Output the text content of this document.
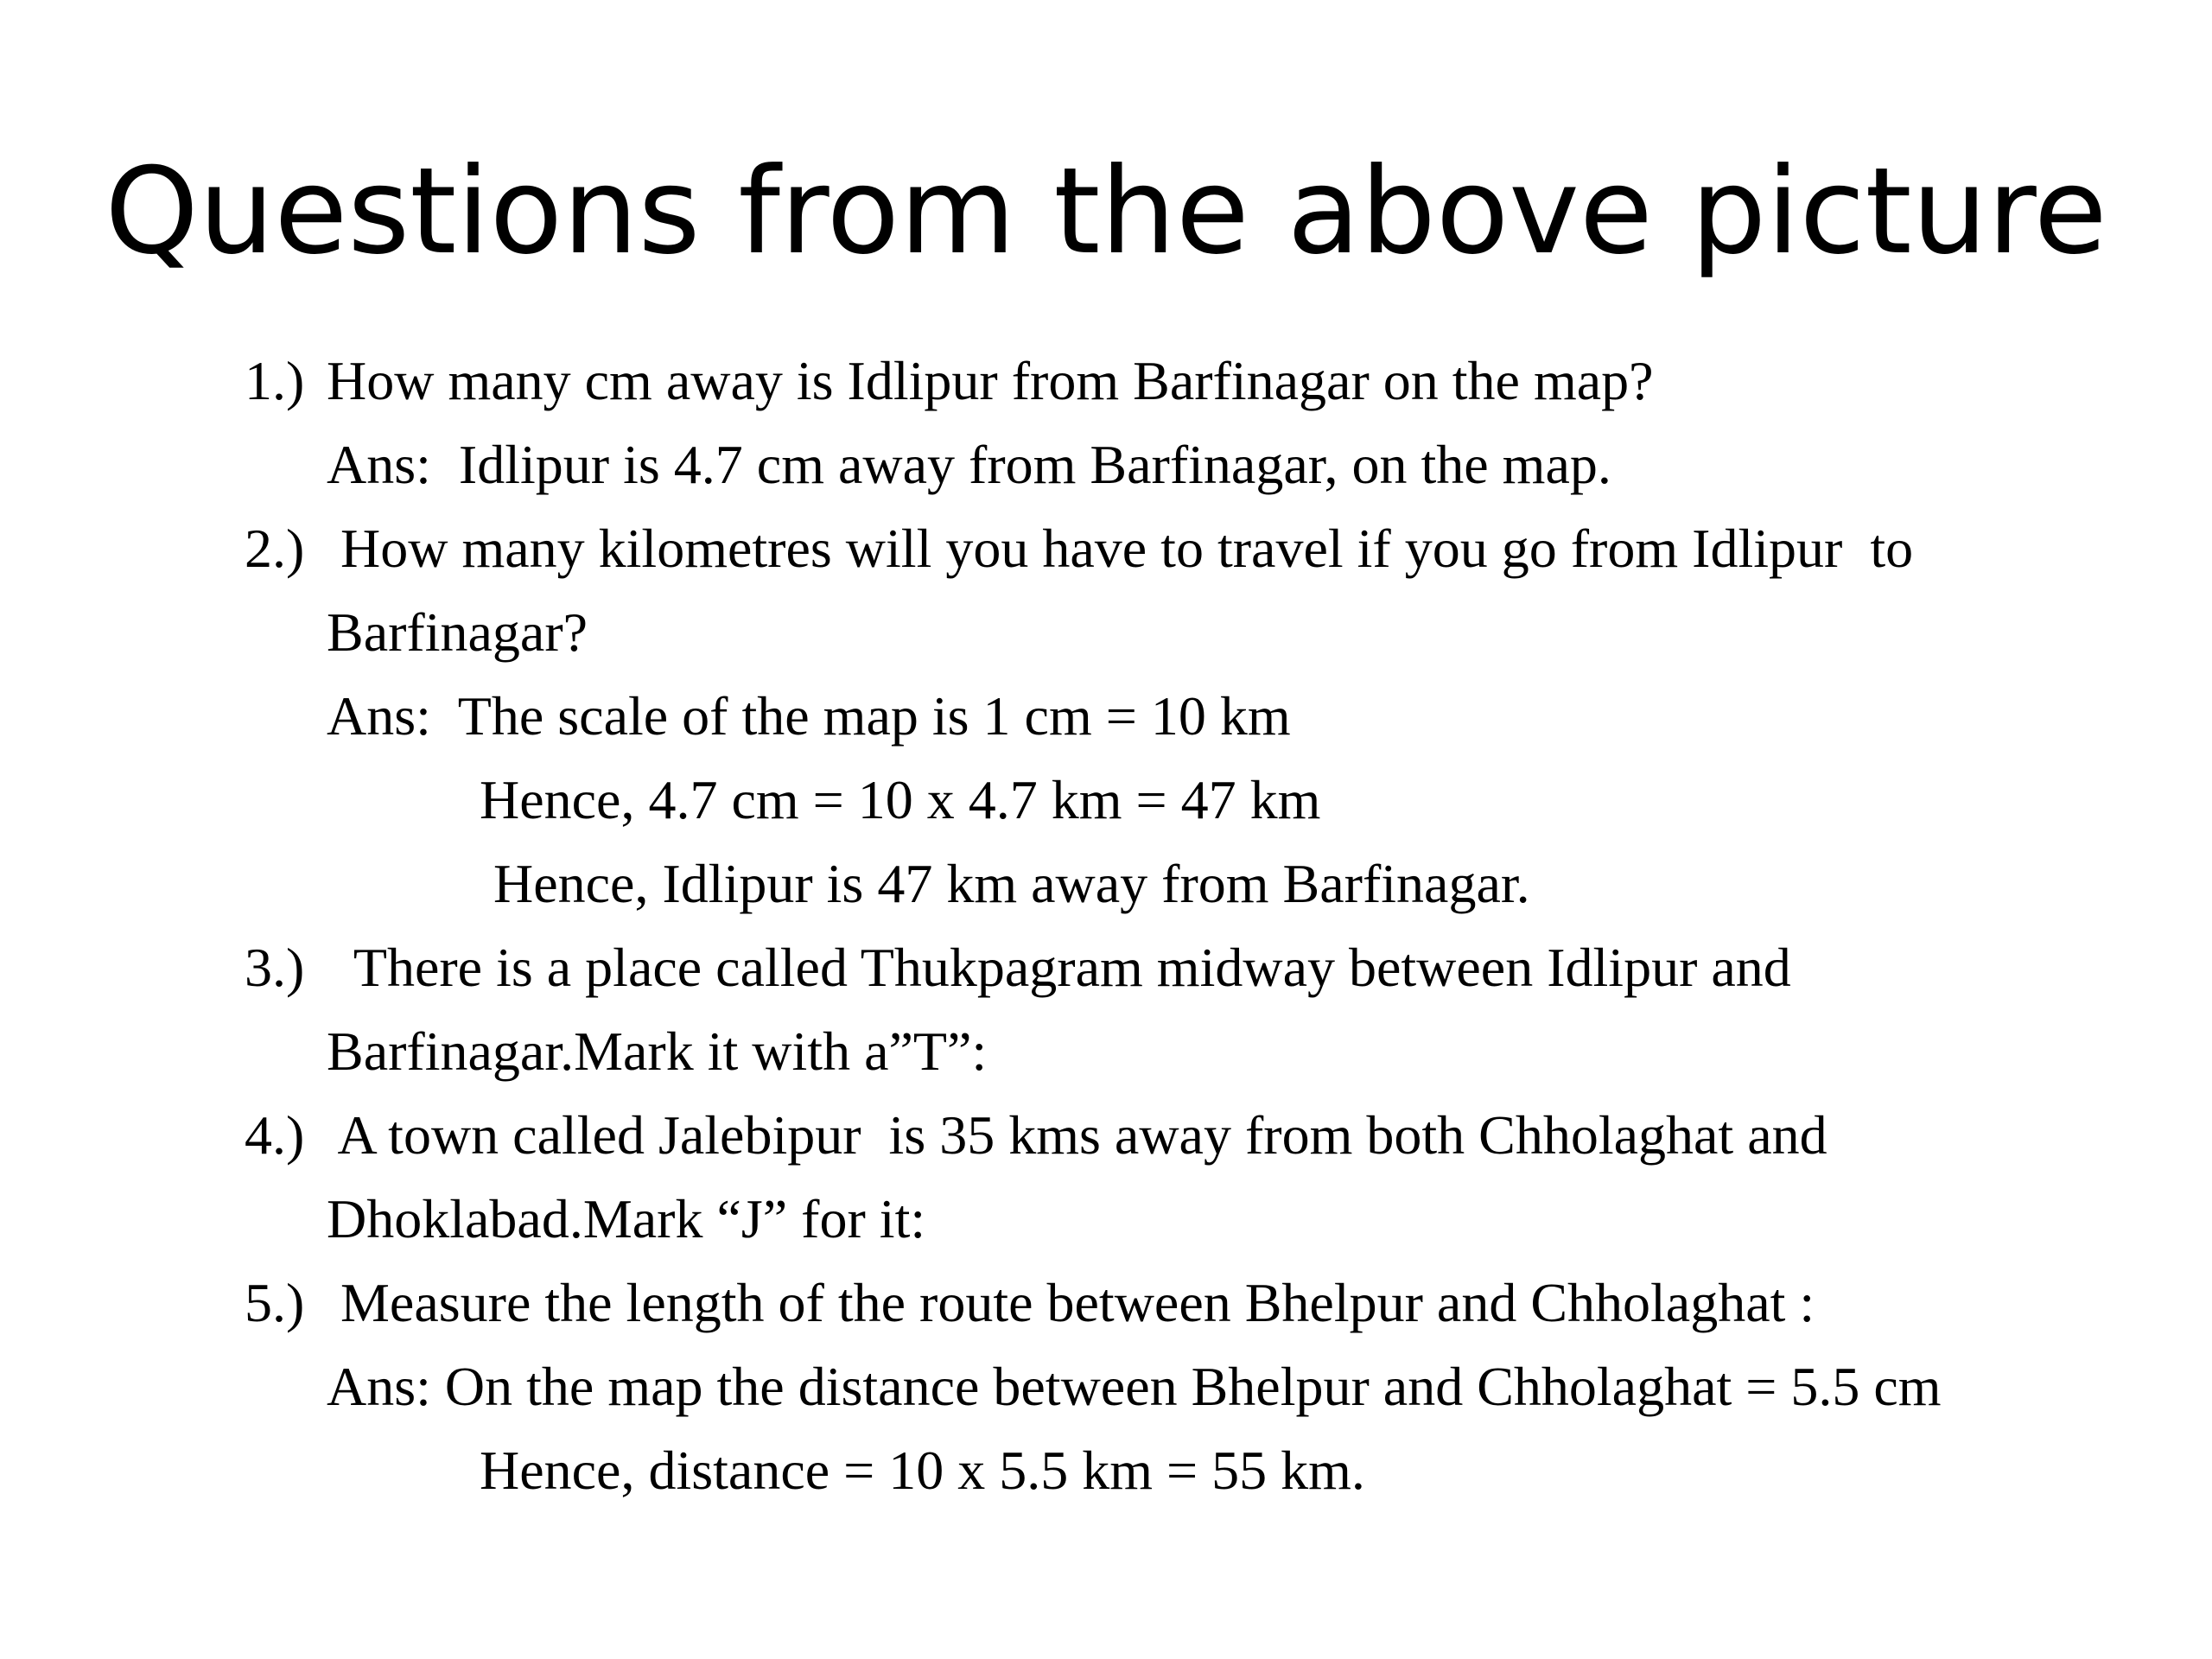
Questions from the above picture
1.) How many cm away is Idlipur from Barfinagar on the map?
Ans:  Idlipur is 4.7 cm away from Barfinagar, on the map.
2.) How many kilometres will you have to travel if you go from Idlipur  to
Barfinagar?
Ans:  The scale of the map is 1 cm = 10 km
Hence, 4.7 cm = 10 x 4.7 km = 47 km
Hence, Idlipur is 47 km away from Barfinagar.
3.) There is a place called Thukpagram midway between Idlipur and
Barfinagar.Mark it with a”T”:
4.) A town called Jalebipur  is 35 kms away from both Chholaghat and
Dhoklabad.Mark “J” for it:
5.) Measure the length of the route between Bhelpur and Chholaghat :
Ans: On the map the distance between Bhelpur and Chholaghat = 5.5 cm
Hence, distance = 10 x 5.5 km = 55 km.
